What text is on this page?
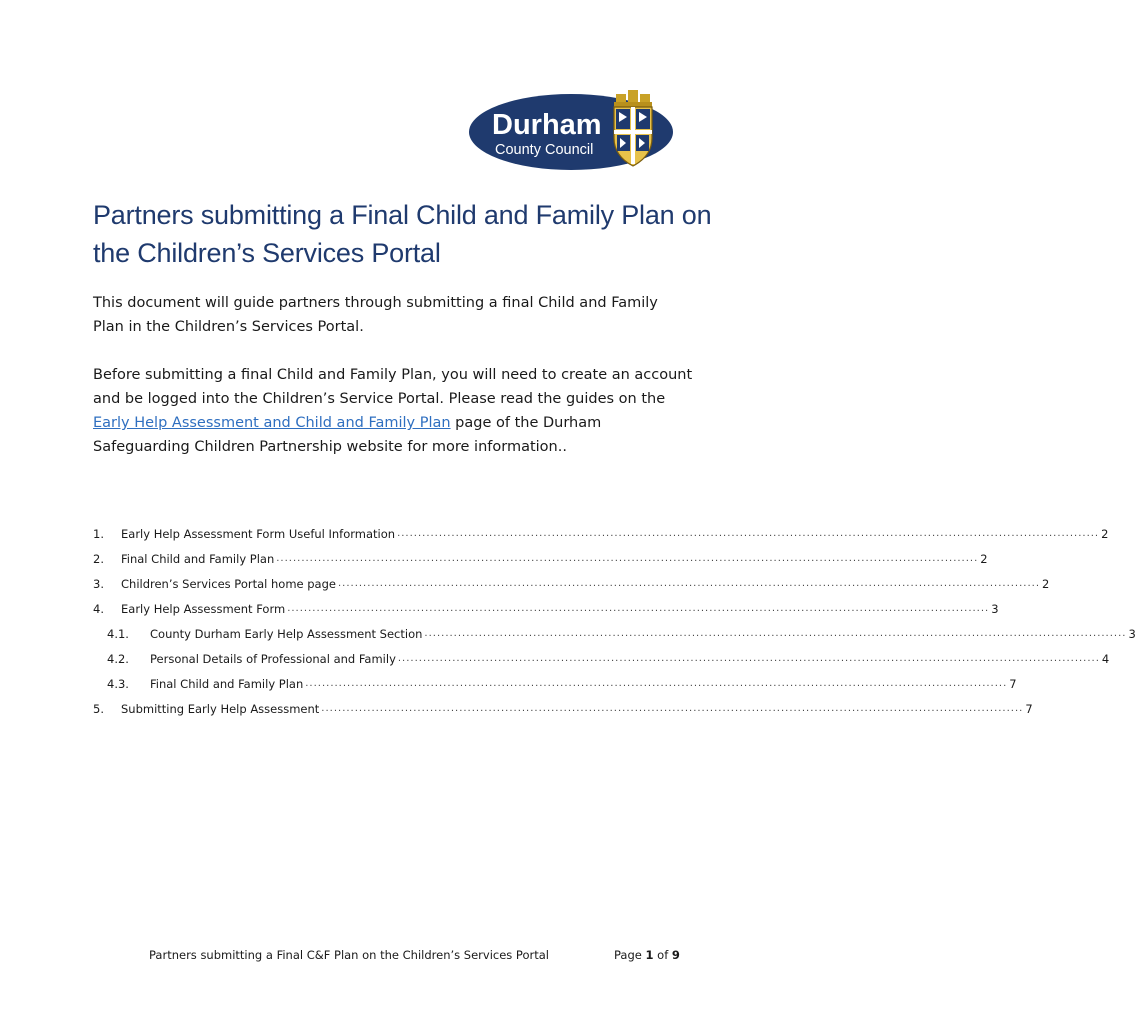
Durham
County Council
Partners submitting a Final Child and Family Plan on the Children’s Services Portal

This document will guide partners through submitting a final Child and Family Plan in the Children’s Services Portal.

Before submitting a final Child and Family Plan, you will need to create an account and be logged into the Children’s Service Portal. Please read the guides on the Early Help Assessment and Child and Family Plan page of the Durham Safeguarding Children Partnership website for more information..

1.	Early Help Assessment Form Useful Information ........................................................................................................................................................................ 2
2.	Final Child and Family Plan ........................................................................................................................................................................ 2
3.	Children’s Services Portal home page ........................................................................................................................................................................ 2
4.	Early Help Assessment Form ........................................................................................................................................................................ 3
4.1.	County Durham Early Help Assessment Section ........................................................................................................................................................................ 3
4.2.	Personal Details of Professional and Family ........................................................................................................................................................................ 4
4.3.	Final Child and Family Plan ........................................................................................................................................................................ 7
5.	Submitting Early Help Assessment ........................................................................................................................................................................ 7
Partners submitting a Final C&F Plan on the Children’s Services Portal	Page 1 of 9
